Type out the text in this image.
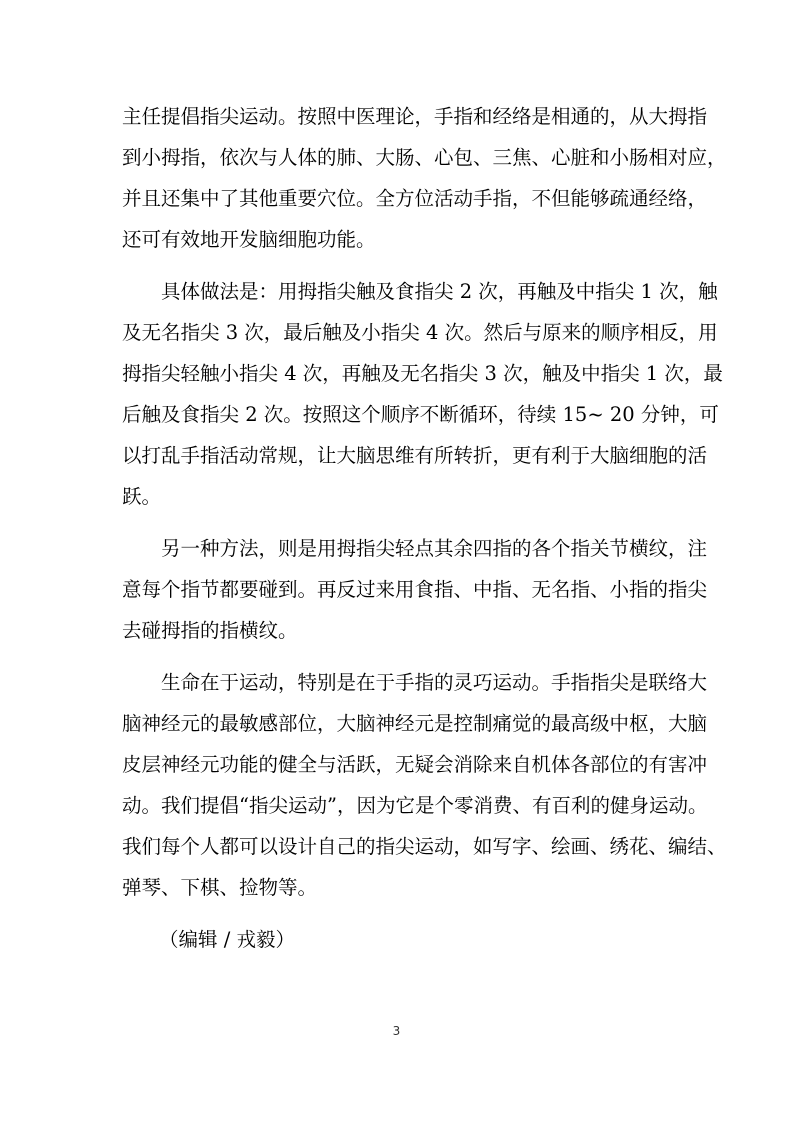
主任提倡指尖运动。按照中医理论，手指和经络是相通的，从大拇指
到小拇指，依次与人体的肺、大肠、心包、三焦、心脏和小肠相对应，
并且还集中了其他重要穴位。全方位活动手指，不但能够疏通经络，
还可有效地开发脑细胞功能。

具体做法是：用拇指尖触及食指尖 2 次，再触及中指尖 1 次，触
及无名指尖 3 次，最后触及小指尖 4 次。然后与原来的顺序相反，用
拇指尖轻触小指尖 4 次，再触及无名指尖 3 次，触及中指尖 1 次，最
后触及食指尖 2 次。按照这个顺序不断循环，待续 15~ 20 分钟，可
以打乱手指活动常规，让大脑思维有所转折，更有利于大脑细胞的活
跃。

另一种方法，则是用拇指尖轻点其余四指的各个指关节横纹，注
意每个指节都要碰到。再反过来用食指、中指、无名指、小指的指尖
去碰拇指的指横纹。

生命在于运动，特别是在于手指的灵巧运动。手指指尖是联络大
脑神经元的最敏感部位，大脑神经元是控制痛觉的最高级中枢，大脑
皮层神经元功能的健全与活跃，无疑会消除来自机体各部位的有害冲
动。我们提倡“指尖运动”，因为它是个零消费、有百利的健身运动。
我们每个人都可以设计自己的指尖运动，如写字、绘画、绣花、编结、
弹琴、下棋、捡物等。

（编辑 / 戎毅）

3
